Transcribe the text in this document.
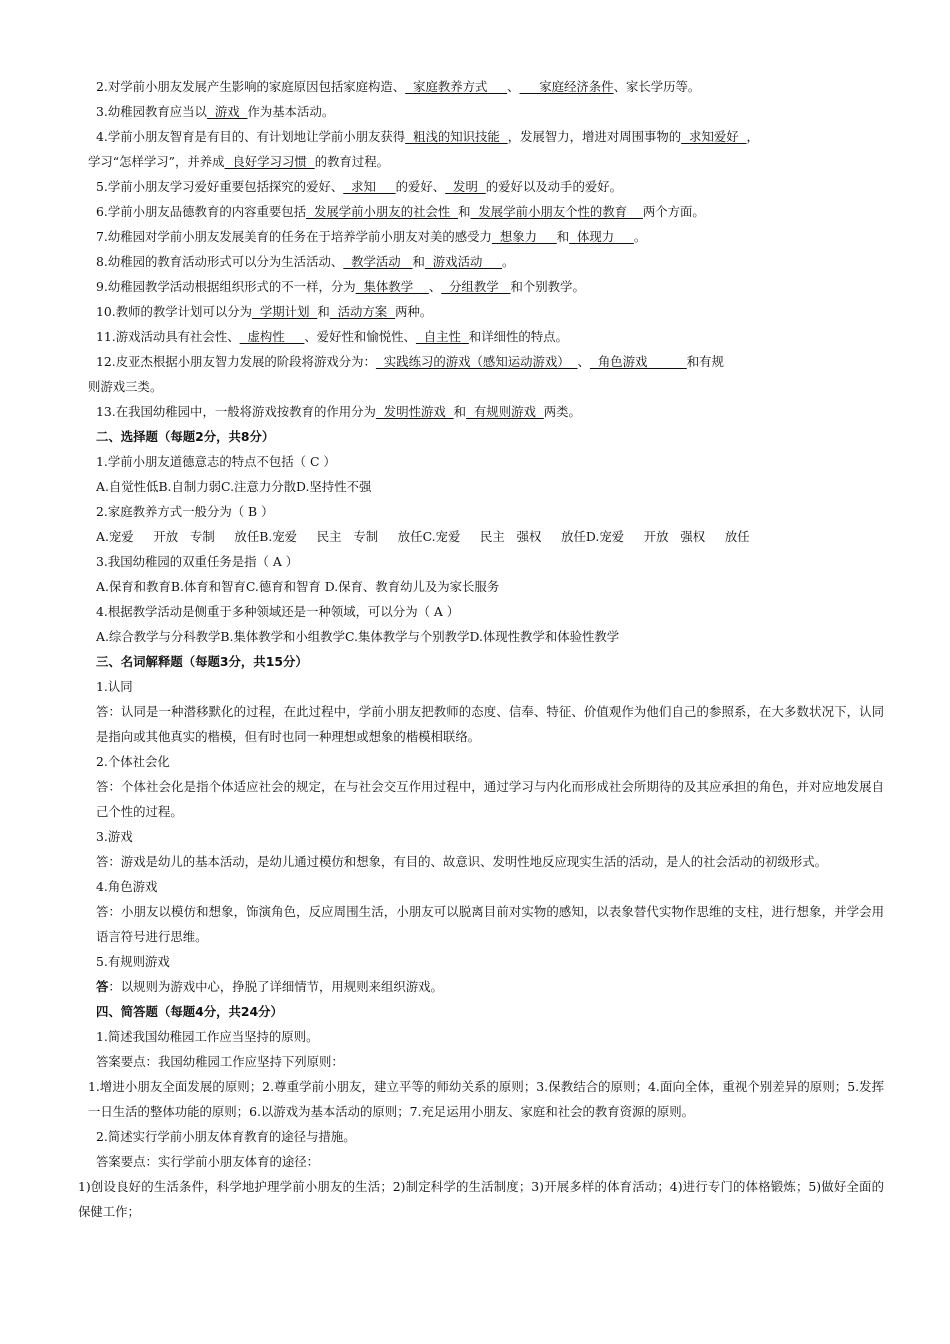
2.对学前小朋友发展产生影响的家庭原因包括家庭构造、  家庭教养方式     、     家庭经济条件、家长学历等。
3.幼稚园教育应当以  游戏  作为基本活动。
4.学前小朋友智育是有目的、有计划地让学前小朋友获得  粗浅的知识技能  ，发展智力，增进对周围事物的  求知爱好  ，
学习“怎样学习”，并养成  良好学习习惯  的教育过程。
5.学前小朋友学习爱好重要包括探究的爱好、  求知     的爱好、  发明  的爱好以及动手的爱好。
6.学前小朋友品德教育的内容重要包括  发展学前小朋友的社会性  和  发展学前小朋友个性的教育    两个方面。
7.幼稚园对学前小朋友发展美育的任务在于培养学前小朋友对美的感受力  想象力     和  体现力     。
8.幼稚园的教育活动形式可以分为生活活动、  教学活动   和  游戏活动     。
9.幼稚园教学活动根据组织形式的不一样，分为  集体教学    、  分组教学   和个别教学。
10.教师的教学计划可以分为  学期计划  和  活动方案  两种。
11.游戏活动具有社会性、  虚构性     、爱好性和愉悦性、  自主性  和详细性的特点。
12.皮亚杰根据小朋友智力发展的阶段将游戏分为：  实践练习的游戏（感知运动游戏）  、  角色游戏          和有规
则游戏三类。
13.在我国幼稚园中，一般将游戏按教育的作用分为  发明性游戏  和  有规则游戏  两类。
二、选择题（每题2分，共8分）
1.学前小朋友道德意志的特点不包括（ C ）
A.自觉性低B.自制力弱C.注意力分散D.坚持性不强
2.家庭教养方式一般分为（ B ）
A.宠爱     开放   专制     放任B.宠爱     民主   专制     放任C.宠爱     民主   强权     放任D.宠爱     开放   强权     放任
3.我国幼稚园的双重任务是指（ A ）
A.保育和教育B.体育和智育C.德育和智育 D.保育、教育幼儿及为家长服务
4.根据教学活动是侧重于多种领域还是一种领域，可以分为（ A ）
A.综合教学与分科教学B.集体教学和小组教学C.集体教学与个别教学D.体现性教学和体验性教学
三、名词解释题（每题3分，共15分）
1.认同
答：认同是一种潜移默化的过程，在此过程中，学前小朋友把教师的态度、信奉、特征、价值观作为他们自己的参照系，在大多数状况下，认同是指向或其他真实的楷模，但有时也同一种理想或想象的楷模相联络。
2.个体社会化
答：个体社会化是指个体适应社会的规定，在与社会交互作用过程中，通过学习与内化而形成社会所期待的及其应承担的角色，并对应地发展自己个性的过程。
3.游戏
答：游戏是幼儿的基本活动，是幼儿通过模仿和想象，有目的、故意识、发明性地反应现实生活的活动，是人的社会活动的初级形式。
4.角色游戏
答：小朋友以模仿和想象，饰演角色，反应周围生活，小朋友可以脱离目前对实物的感知，以表象替代实物作思维的支柱，进行想象，并学会用语言符号进行思维。
5.有规则游戏
答：以规则为游戏中心，挣脱了详细情节，用规则来组织游戏。
四、简答题（每题4分，共24分）
1.简述我国幼稚园工作应当坚持的原则。
答案要点：我国幼稚园工作应坚持下列原则：
1.增进小朋友全面发展的原则；2.尊重学前小朋友，建立平等的师幼关系的原则；3.保教结合的原则；4.面向全体，重视个别差异的原则；5.发挥一日生活的整体功能的原则；6.以游戏为基本活动的原则；7.充足运用小朋友、家庭和社会的教育资源的原则。
2.简述实行学前小朋友体育教育的途径与措施。
答案要点：实行学前小朋友体育的途径：
1)创设良好的生活条件，科学地护理学前小朋友的生活；2)制定科学的生活制度；3)开展多样的体育活动；4)进行专门的体格锻炼；5)做好全面的保健工作；
